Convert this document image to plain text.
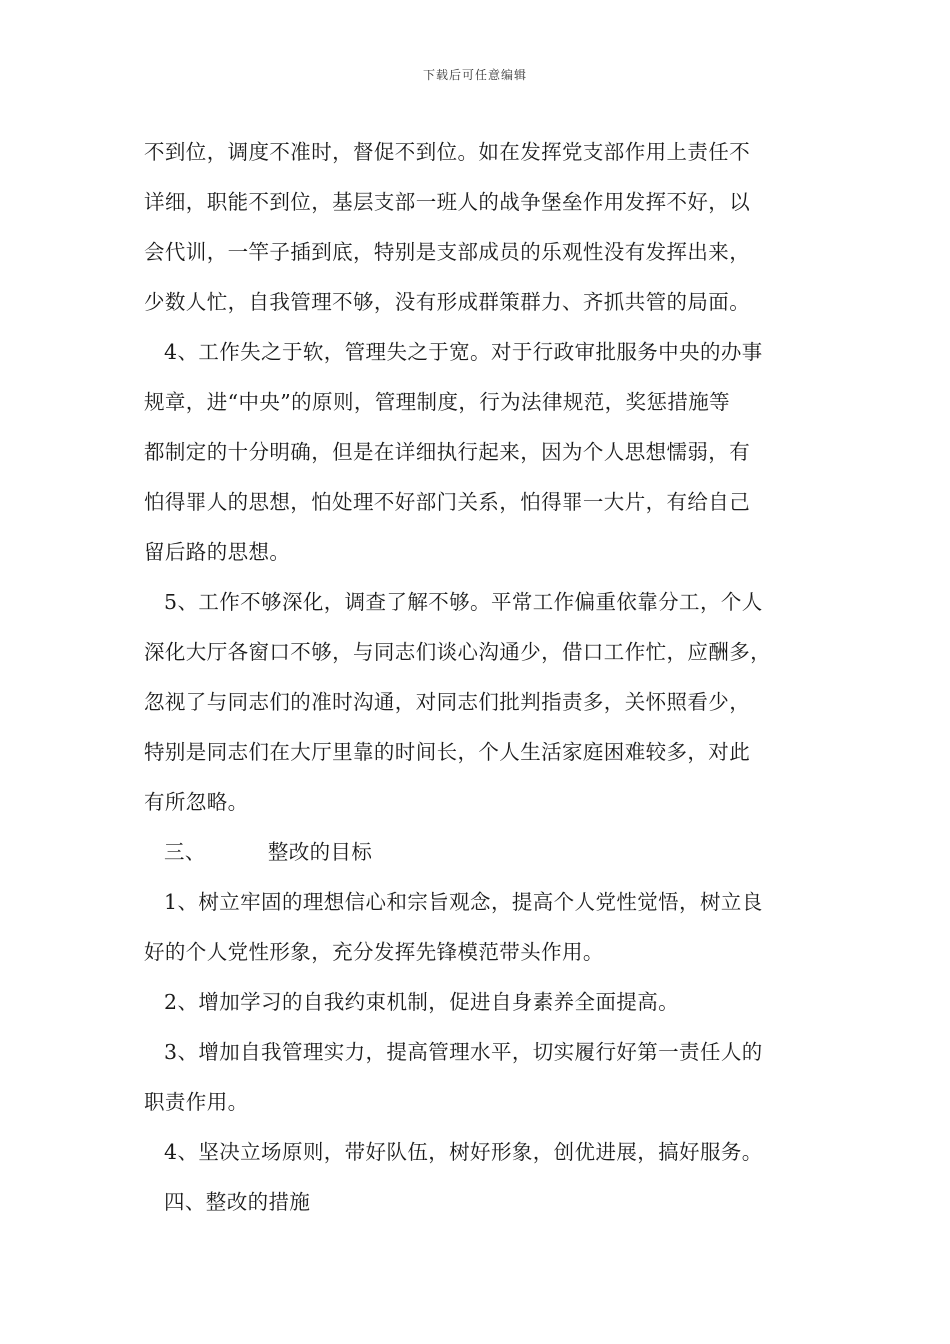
下载后可任意编辑
不到位，调度不准时，督促不到位。如在发挥党支部作用上责任不
详细，职能不到位，基层支部一班人的战争堡垒作用发挥不好，以
会代训，一竿子插到底，特别是支部成员的乐观性没有发挥出来，
少数人忙，自我管理不够，没有形成群策群力、齐抓共管的局面。
4、工作失之于软，管理失之于宽。对于行政审批服务中央的办事
规章，进“中央”的原则，管理制度，行为法律规范，奖惩措施等
都制定的十分明确，但是在详细执行起来，因为个人思想懦弱，有
怕得罪人的思想，怕处理不好部门关系，怕得罪一大片，有给自己
留后路的思想。
5、工作不够深化，调查了解不够。平常工作偏重依靠分工，个人
深化大厅各窗口不够，与同志们谈心沟通少，借口工作忙，应酬多，
忽视了与同志们的准时沟通，对同志们批判指责多，关怀照看少，
特别是同志们在大厅里靠的时间长，个人生活家庭困难较多，对此
有所忽略。
三、	整改的目标
1、树立牢固的理想信心和宗旨观念，提高个人党性觉悟，树立良
好的个人党性形象，充分发挥先锋模范带头作用。
2、增加学习的自我约束机制，促进自身素养全面提高。
3、增加自我管理实力，提高管理水平，切实履行好第一责任人的
职责作用。
4、坚决立场原则，带好队伍，树好形象，创优进展，搞好服务。
四、整改的措施
